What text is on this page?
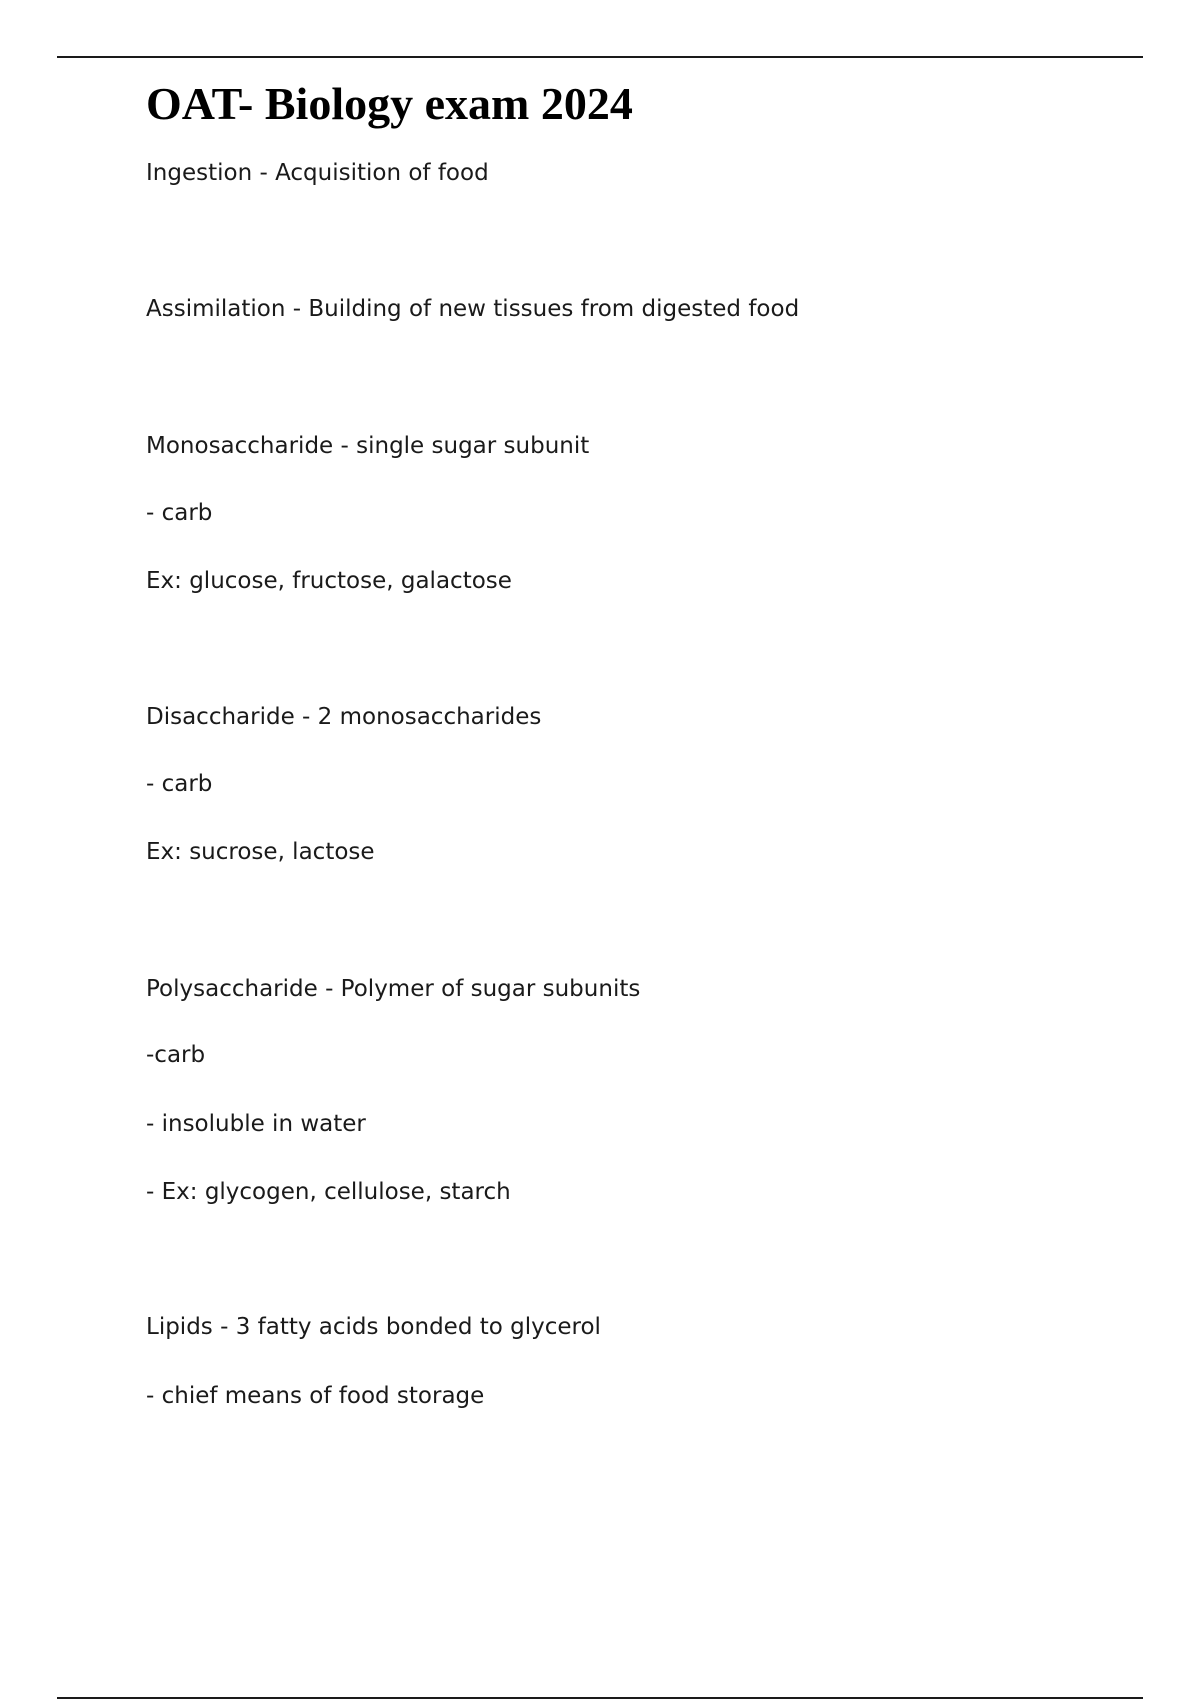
OAT- Biology exam 2024

Ingestion - Acquisition of food

Assimilation - Building of new tissues from digested food

Monosaccharide - single sugar subunit

- carb

Ex: glucose, fructose, galactose

Disaccharide - 2 monosaccharides

- carb

Ex: sucrose, lactose

Polysaccharide - Polymer of sugar subunits

-carb

- insoluble in water

- Ex: glycogen, cellulose, starch

Lipids - 3 fatty acids bonded to glycerol

- chief means of food storage
